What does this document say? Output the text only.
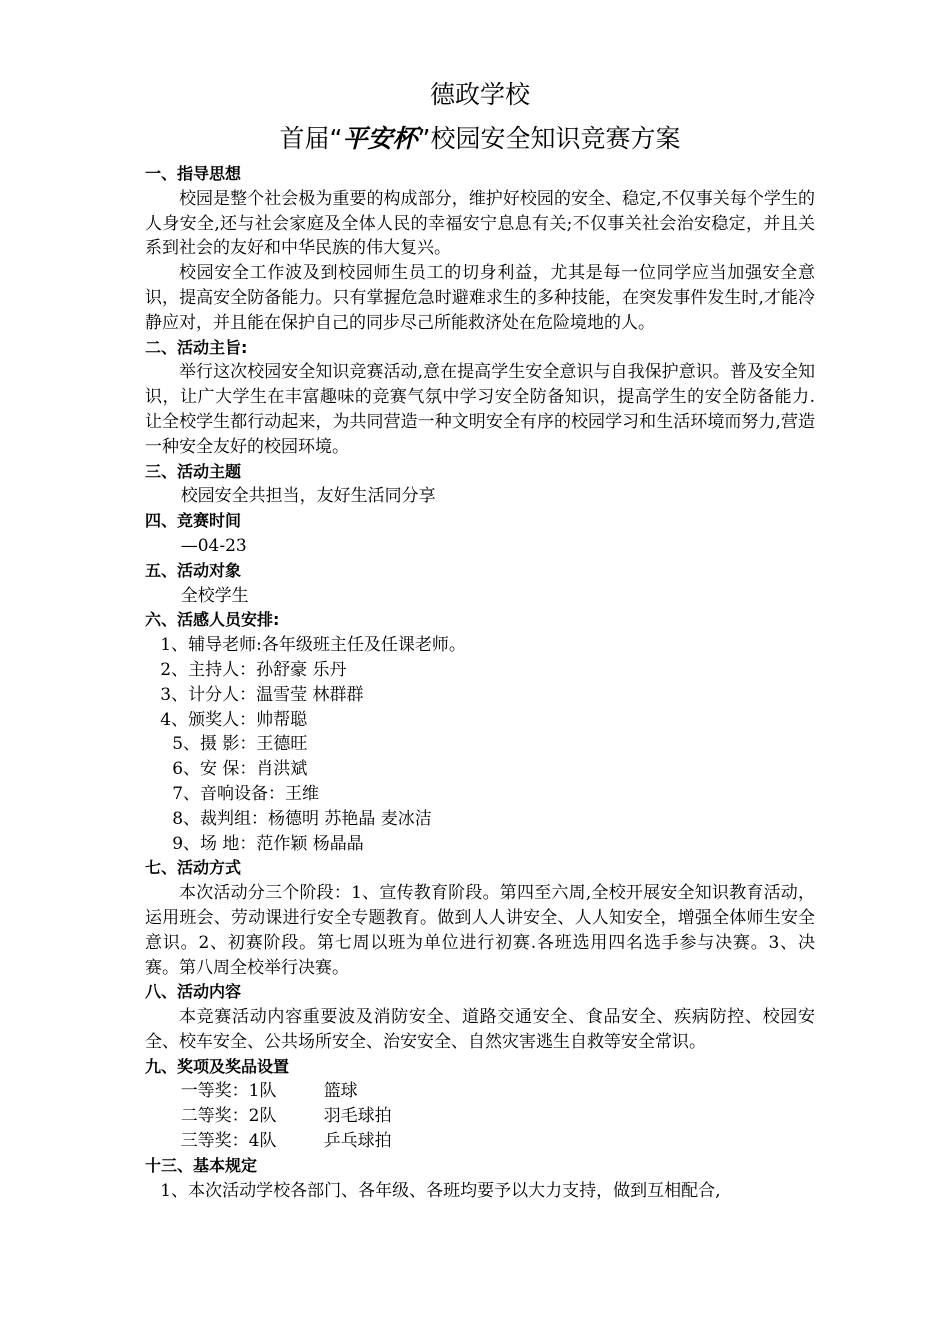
德政学校
首届“平安杯”校园安全知识竞赛方案
一、指导思想

校园是整个社会极为重要的构成部分，维护好校园的安全、稳定,不仅事关每个学生的人身安全,还与社会家庭及全体人民的幸福安宁息息有关;不仅事关社会治安稳定，并且关系到社会的友好和中华民族的伟大复兴。

校园安全工作波及到校园师生员工的切身利益，尤其是每一位同学应当加强安全意识，提高安全防备能力。只有掌握危急时避难求生的多种技能，在突发事件发生时,才能冷静应对，并且能在保护自己的同步尽己所能救济处在危险境地的人。

二、活动主旨:

举行这次校园安全知识竞赛活动,意在提高学生安全意识与自我保护意识。普及安全知识，让广大学生在丰富趣味的竞赛气氛中学习安全防备知识，提高学生的安全防备能力. 让全校学生都行动起来，为共同营造一种文明安全有序的校园学习和生活环境而努力,营造一种安全友好的校园环境。

三、活动主题

校园安全共担当，友好生活同分享

四、竞赛时间

—04-23

五、活动对象

全校学生

六、活感人员安排:

1、辅导老师:各年级班主任及任课老师。

2、主持人：孙舒豪 乐丹

3、计分人：温雪莹 林群群

4、颁奖人：帅帮聪

5、摄 影：王德旺

6、安 保：肖洪斌

7、音响设备：王维

8、裁判组：杨德明 苏艳晶 麦冰洁

9、场 地：范作颖 杨晶晶

七、活动方式

本次活动分三个阶段：1、宣传教育阶段。第四至六周,全校开展安全知识教育活动，运用班会、劳动课进行安全专题教育。做到人人讲安全、人人知安全，增强全体师生安全意识。2、初赛阶段。第七周以班为单位进行初赛.各班选用四名选手参与决赛。3、决赛。第八周全校举行决赛。

八、活动内容

本竞赛活动内容重要波及消防安全、道路交通安全、食品安全、疾病防控、校园安全、校车安全、公共场所安全、治安安全、自然灾害逃生自救等安全常识。

九、奖项及奖品设置

一等奖：1队	篮球

二等奖：2队	羽毛球拍

三等奖：4队	乒乓球拍

十三、基本规定

1、本次活动学校各部门、各年级、各班均要予以大力支持，做到互相配合,
